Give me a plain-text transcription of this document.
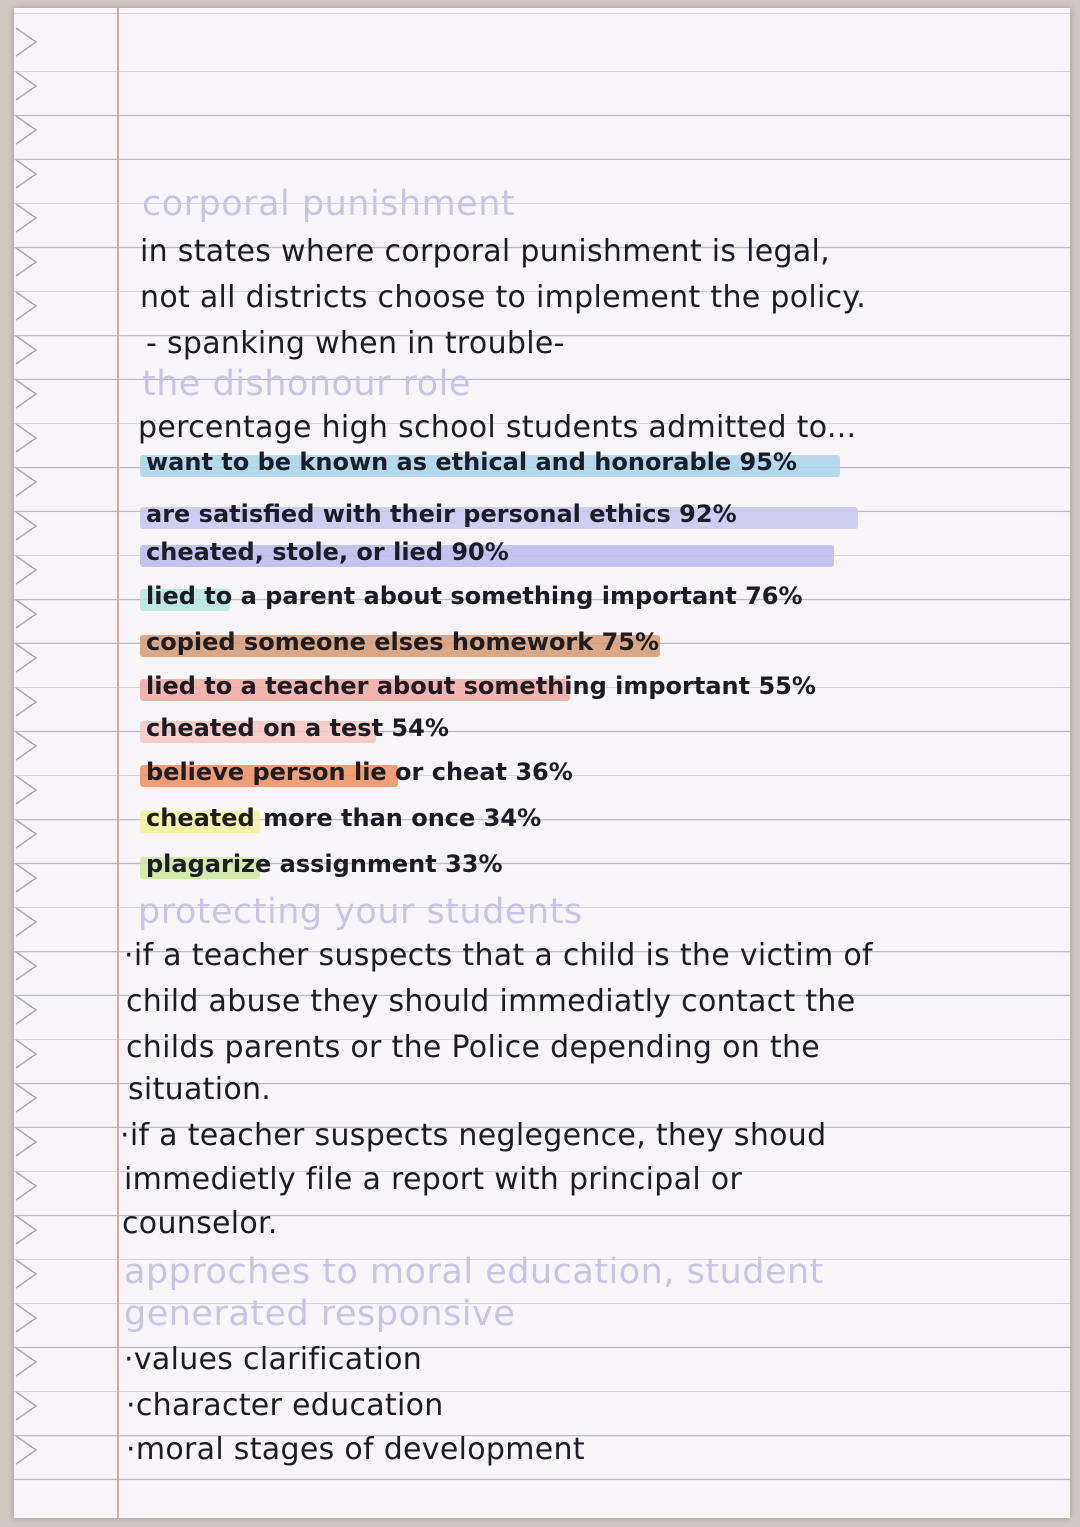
corporal punishment
in states where corporal punishment is legal,
not all districts choose to implement the policy.
- spanking when in trouble-
the dishonour role
percentage high school students admitted to...
want to be known as ethical and honorable 95%
are satisfied with their personal ethics 92%
cheated, stole, or lied 90%
lied to a parent about something important 76%
copied someone elses homework 75%
lied to a teacher about something important 55%
cheated on a test 54%
believe person lie or cheat 36%
cheated more than once 34%
plagarize assignment 33%
protecting your students
·if a teacher suspects that a child is the victim of
child abuse they should immediatly contact the
childs parents or the Police depending on the
situation.
·if a teacher suspects neglegence, they shoud
immedietly file a report with principal or
counselor.
approches to moral education, student
generated responsive
·values clarification
·character education
·moral stages of development
